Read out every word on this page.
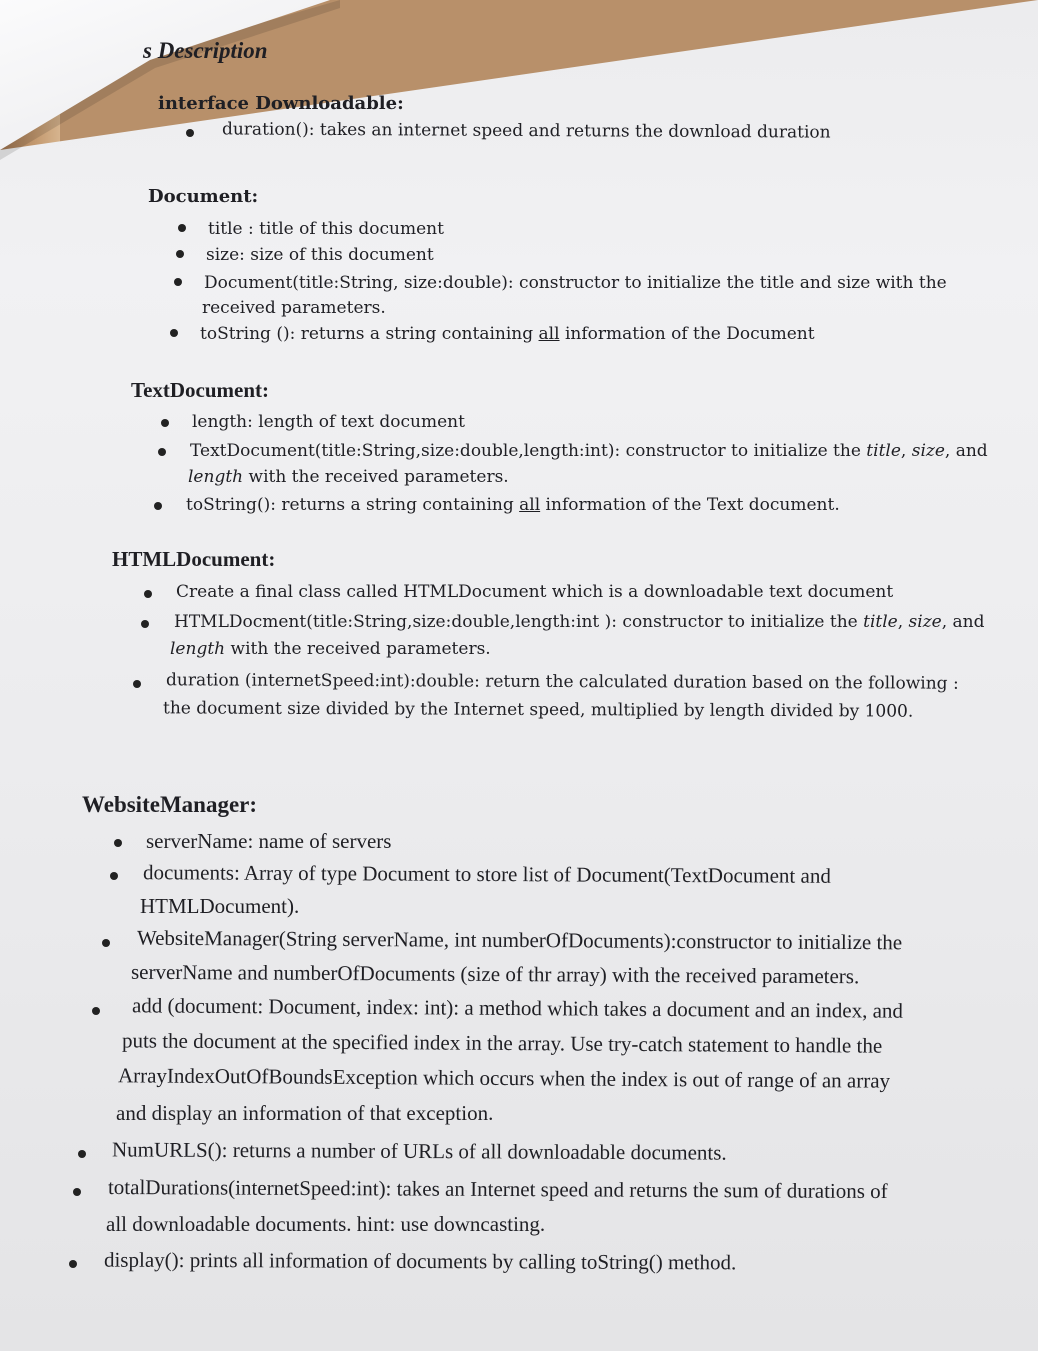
s Description
interface Downloadable:
duration(): takes an internet speed and returns the download duration
Document:
title : title of this document
size: size of this document
Document(title:String, size:double): constructor to initialize the title and size with the
received parameters.
toString (): returns a string containing all information of the Document
TextDocument:
length: length of text document
TextDocument(title:String,size:double,length:int): constructor to initialize the title, size, and
length with the received parameters.
toString(): returns a string containing all information of the Text document.
HTMLDocument:
Create a final class called HTMLDocument which is a downloadable text document
HTMLDocment(title:String,size:double,length:int ): constructor to initialize the title, size, and
length with the received parameters.
duration (internetSpeed:int):double: return the calculated duration based on the following :
the document size divided by the Internet speed, multiplied by length divided by 1000.
WebsiteManager:
serverName: name of servers
documents: Array of type Document to store list of Document(TextDocument and
HTMLDocument).
WebsiteManager(String serverName, int numberOfDocuments):constructor to initialize the
serverName and numberOfDocuments (size of thr array) with the received parameters.
add (document: Document, index: int): a method which takes a document and an index, and
puts the document at the specified index in the array. Use try-catch statement to handle the
ArrayIndexOutOfBoundsException which occurs when the index is out of range of an array
and display an information of that exception.
NumURLS(): returns a number of URLs of all downloadable documents.
totalDurations(internetSpeed:int): takes an Internet speed and returns the sum of durations of
all downloadable documents. hint: use downcasting.
display(): prints all information of documents by calling toString() method.
